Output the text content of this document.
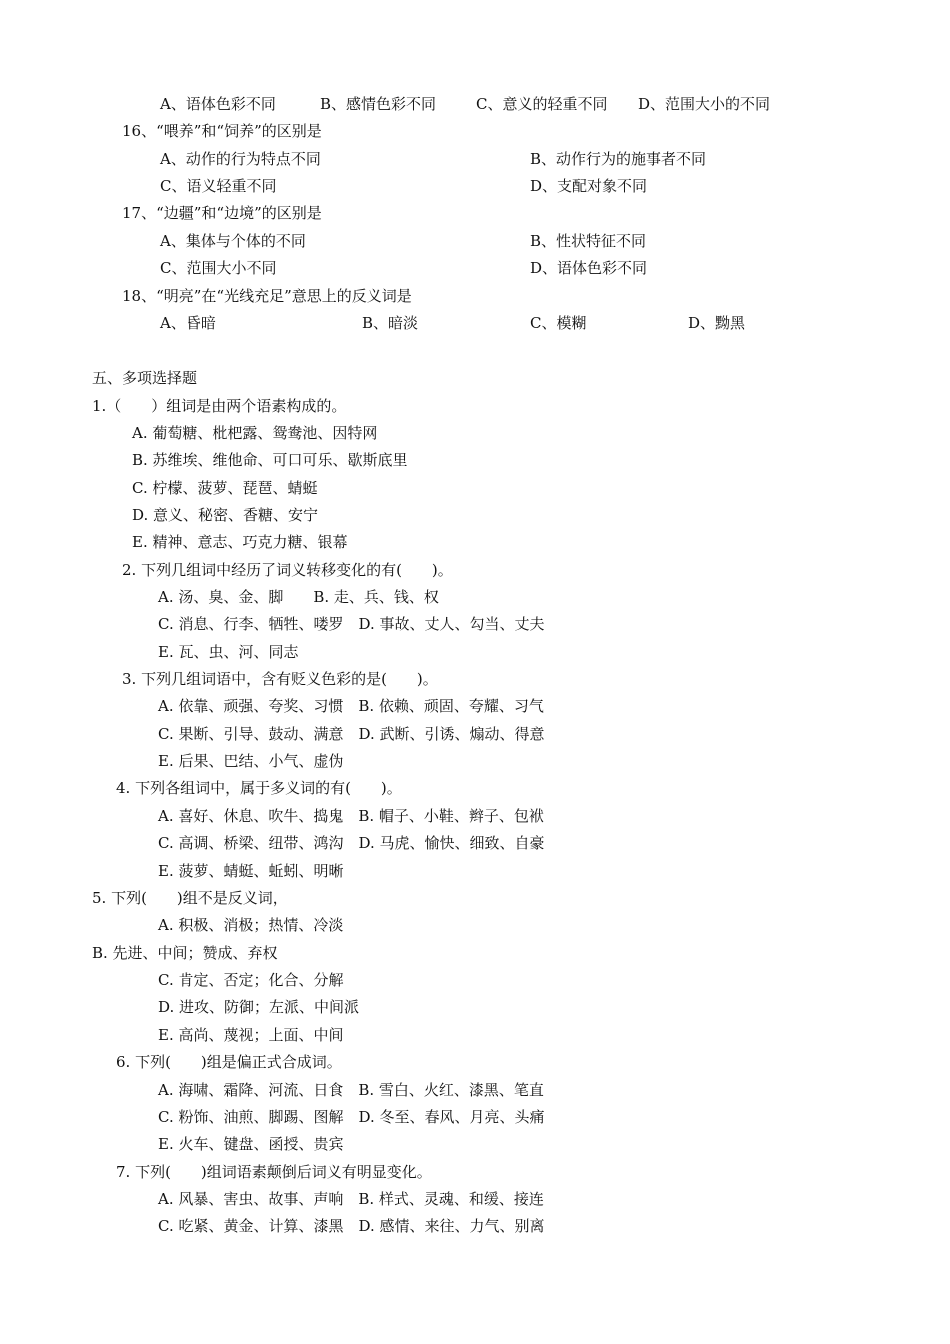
A、语体色彩不同	B、感情色彩不同	C、意义的轻重不同 D、范围大小的不同
16、“喂养”和“饲养”的区别是
A、动作的行为特点不同	B、动作行为的施事者不同
C、语义轻重不同	D、支配对象不同
17、“边疆”和“边境”的区别是
A、集体与个体的不同	B、性状特征不同
C、范围大小不同	D、语体色彩不同
18、“明亮”在“光线充足”意思上的反义词是
A、昏暗	B、暗淡	C、模糊	D、黝黑
五、多项选择题
1.（　　）组词是由两个语素构成的。
A. 葡萄糖、枇杷露、鸳鸯池、因特网
B. 苏维埃、维他命、可口可乐、歇斯底里
C. 柠檬、菠萝、琵琶、蜻蜓
D. 意义、秘密、香糖、安宁
E. 精神、意志、巧克力糖、银幕
2. 下列几组词中经历了词义转移变化的有(　　)。
A. 汤、臭、金、脚　　B. 走、兵、钱、权
C. 消息、行李、牺牲、喽罗　D. 事故、丈人、勾当、丈夫
E. 瓦、虫、河、同志
3. 下列几组词语中，含有贬义色彩的是(　　)。
A. 依靠、顽强、夸奖、习惯　B. 依赖、顽固、夸耀、习气
C. 果断、引导、鼓动、满意　D. 武断、引诱、煽动、得意
E. 后果、巴结、小气、虚伪
4. 下列各组词中，属于多义词的有(　　)。
A. 喜好、休息、吹牛、捣鬼　B. 帽子、小鞋、辫子、包袱
C. 高调、桥梁、纽带、鸿沟　D. 马虎、愉快、细致、自豪
E. 菠萝、蜻蜓、蚯蚓、明晰
5. 下列(　　)组不是反义词，
A. 积极、消极；热情、冷淡
B. 先进、中间；赞成、弃权
C. 肯定、否定；化合、分解
D. 进攻、防御；左派、中间派
E. 高尚、蔑视；上面、中间
6. 下列(　　)组是偏正式合成词。
A. 海啸、霜降、河流、日食　B. 雪白、火红、漆黑、笔直
C. 粉饰、油煎、脚踢、图解　D. 冬至、春风、月亮、头痛
E. 火车、键盘、函授、贵宾
7. 下列(　　)组词语素颠倒后词义有明显变化。
A. 风暴、害虫、故事、声响　B. 样式、灵魂、和缓、接连
C. 吃紧、黄金、计算、漆黑　D. 感情、来往、力气、别离
